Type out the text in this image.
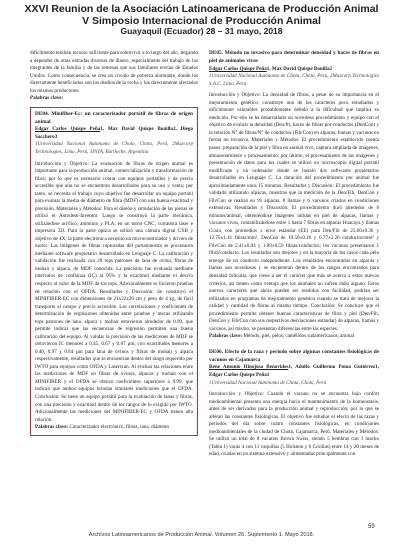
XXVI Reunion de la Asociación Latinoamericana de Producción Animal
V Simposio Internacional de Producción Animal
Guayaquil (Ecuador) 28 – 31 mayo, 2018

difícilmente tendrán recurso suficiente para sobrevivir a lo largo del año, llegando a depender de otras entradas diversas de dinero, especialmente del trabajo de los integrantes de la familia y de las remesas que sus familiares envían de Estados Unidos. Como consecuencia, se crea un círculo de pobreza alarmante, donde los directamente beneficiados son los dueños de la rocha y los directamente afectados los mismos productores.

Palabras clave:

DE04. Minifiber-Ec: un caracterizador portátil de fibras de origen animal

Edgar Carlos Quispe Peña1, Max David Quispe Bonilla2, Diego Sacchero3

1Universidad Nacional Autónoma de Chota, Chota, Perú, 2Maxcorp Technologies, Lima, Perú, 3INTA, Bariloche, Argentina

Introducción y Objetivo: La evaluación de fibras de origen animal es importante para la producción animal, comercialización y transformación de fibra; por lo que es necesario contar con equipos portátiles y de precio accesible que aún no se encuentran desarrollados para su uso y venta; por tanto, se necesita el trabajo cuyo objetivo fue desarrollar un equipo portátil para evaluar la media de diámetro de fibra (MDF) con una buena exactitud y precisión. Materiales y Métodos: Para el diseño y simulación de las piezas se utilizó el Autodesk-Inventor. Luego se construyó la parte mecánica, utilizándose acrílico, aluminio y PLA, en un torno CNC, cortadora láser e impresora 3D. Para la parte óptica se utilizó una cámara digital USB y objetivo de 4X; la parte electrónica necesitó un microcontrolador y drivers de motor. Las imágenes de fibras capturadas del portamuestra se procesaron mediante software propietario desarrollado en Lenguaje C. La calibración y validación fue realizada con 20 tops patrones de lana de ovino, fibras de mohair y alpaca, de MDF conocida. La precisión fue evaluada mediante intervalos de confianza (IC) al 95% y la exactitud mediante el desvío respecto al valor de la MDF de los tops. Adicionalmente se hicieron pruebas de relación con el OFDA. Resultados y Discusión: Se construyó el MINIFIBER-EC con dimensiones de 21x22x26 cm y peso de 4 kg, de fácil transporte al campo y precio accesible. Las correlaciones y coeficientes de determinación de regresiones obtenidas entre pruebas y mecas utilizando tops patrones de lana, alpaca y mohair estuvieron alrededor de 0.99, que permite indicar que las secuencias de regresión permiten una buena calibración del equipo. Al validar la precisión de las mediciones de MDF se obtuvieron IC menores a 0.45, 0.67 y 0.87 µm, con exactitudes menores a 0.46, 0.97 y 0.84 µm para lana de ovinos y fibras de mohair y alpaca respectivamente, resultados que se encuentran dentro del rango requerido por IWTO para equipos como OFDA y Laserscan. Al evaluar las relaciones entre las mediciones de MDF en fibras de ovinos, alpacas y mohair con el MINIFIBER y el OFDA se obtuvo coeficientes superiores a 0.99, que indican que ambos equipos brindan similares mediciones que el OFDA. Conclusión: Se tiene un equipo portátil para la evaluación de lanas y fibras, con una precisión y exactitud dentro de los rangos de lo exigido por IWTO. Adicionalmente las mediciones del MINIFIBER-EC y OFDA tienen alta relación.

Palabras clave: Caracterizador electrónico, fibras, lana, diámetro

DE05. Método no invasivo para determinar densidad y haces de fibras en piel de animales vivos

Edgar Carlos Quispe Peña1, Max David Quispe Bonilla2

1Universidad Nacional Autónoma de Chota, Chota, Perú, 2Maxcorp Technologies S.A.C, Lima, Perú

Introducción y Objetivo: La densidad de fibras, a pesar de su importancia en el mejoramiento genético, constituye uno de los caracteres poco estudiados y difícilmente valorables probablemente debido a la dificultad que implica su medición. Por ello se ha desarrollado un novedoso procedimiento y equipo con el objetivo de evaluar la densidad (Den/ft), haces de fibras por conductos (DenCon) y la relación N° de fibras/N° de conductos (Fib/Con) en alpacas, llamas y vacunos en forma no invasiva. Materiales y Métodos: El procedimiento establecido cuenta pasos: preparación de la piel y fibra en animal vivo, captura ampliada de imágenes, almacenamiento y procesamiento; por último, el procesamiento de las imágenes y presentación de datos para los cuales se utilizó un microscopio digital portátil modificado y un ordenador donde se instaló dos softwares propietarios desarrollados en Lenguaje C. La duración del procedimiento por animal fue aproximadamente unos 15 minutos. Resultados y Discusión: El procedimiento fue validado utilizando alpacas, mientras que la medición de la Den/Fib, DenCon y Fib/Con se realizó en 91 alpacas, 8 llamas y 6 vacunos criados en condiciones extensivas. Resultados y Discusión: El procedimiento duró alrededor de 8 minutos/animal, obteniéndose imágenes nítidas en piel de alpacas, llamas y vacunos vivos, contabilizándose entre 1 hasta 7 fibras en alpacas Huacaya y llamas Ccara, con promedios ± error estándar (EE) para Den/Fib de 25.60±0.36 y 12.75±1.41 fibras/mm², DenCon de 10.50±0.16 y 6.77±2.26 conductos/mm² y Fib/Con de 2.41±0.04 y 1.89±0.59 fibras/conductos; los vacunos presentaron 1 fibra/conducto. Los resultados son mejores y en la mayoría de los casos cada pelo emerge de un conducto independiente. Los resultados encontrados en alpacas y llamas son novedosos y se encuentran dentro de los rangos encontrados para densidad folicular, que viene a ser el carácter que más se acerca a estos nuevos criterios, así tienen como ventaja que los animales no sufren daño alguno. Estos nuevos caracteres que ahora pueden ser medidos con facilidad, podrían ser utilizados en programas de mejoramiento genético cuando se trata de mejorar la calidad y cantidad de fibras al mismo tiempo. Conclusión: Se concluye que el procedimiento permite obtener buenas características de fibra y piel (Den/Fib, DenCon y Fib/Con con sus respectivos desviaciones estándar) de alpacas, llamas y vacunos, así mismo, se presentan diferencias entre las especies.

Palabras clave: Método, piel, pelos, camélidos sudamericanos, animal

DE06. Efecto de la raza y periodo sobre algunas constantes fisiológicas de vacunos en Cajamarca

Rene Antonio Hinojosa Benavides1, Adolfo Guillermo Poma Gutiérrez1, Edgar Carlos Quispe Peña1

1Universidad Nacional Autónoma de Chota, Chota, Perú

Introducción y Objetivo: Cuando el vacuno no se encuentra bajo confort medioambiental presenta una energía hacia el mantenimiento de la homeostasis, antes de ser derivados para la producción animal y reproducción; por lo que se alteran las constantes fisiológicas. El objetivo fue estudiar el efecto de las razas y periodos del día sobre cuatro constantes fisiológicas, en condiciones medioambientales de la ciudad de Chota, Cajamarca, Perú. Materiales y Métodos: Se utilizó un total de 8 vacunos Brown Swiss, siendo 5 hembras con 1 macho (Tabla 1) vacas 4 con 11 vaquillas (5 Holstein y 6 Criollas) entre 14 y 20 meses de edad, criadas en un sistema extensivo y alimentadas principalmente con

59
Archivos Latinoamericanos de Producción Animal. Volumen 26. Suplemento 1. Mayo 2018.
